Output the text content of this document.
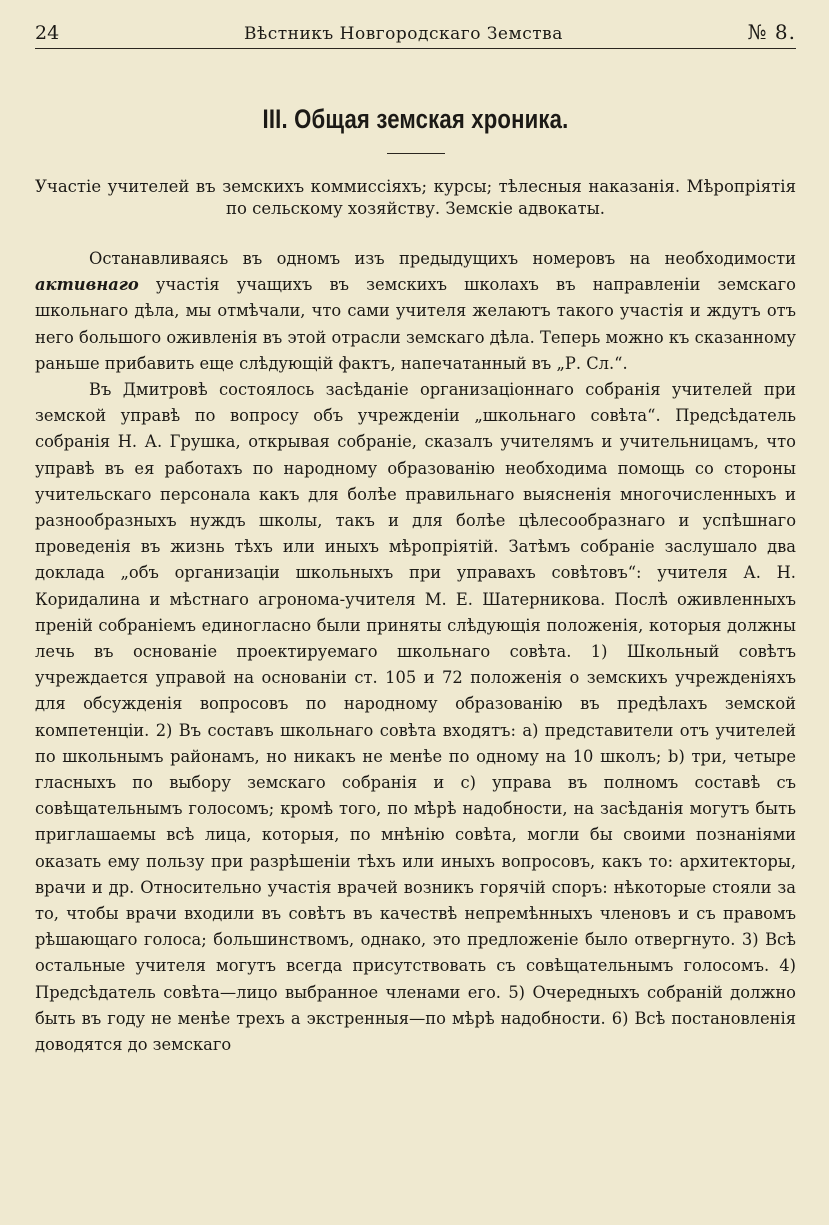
24	Вѣстникъ Новгородскаго Земства	№ 8.
III. Общая земская хроника.
Участіе учителей въ земскихъ коммиссіяхъ; курсы; тѣлесныя наказанія. Мѣропріятія по сельскому хозяйству. Земскіе адвокаты.

Останавливаясь въ одномъ изъ предыдущихъ номеровъ на необходимости активнаго участія учащихъ въ земскихъ школахъ въ направленіи земскаго школьнаго дѣла, мы отмѣчали, что сами учителя желаютъ такого участія и ждутъ отъ него большого оживленія въ этой отрасли земскаго дѣла. Теперь можно къ сказанному раньше прибавить еще слѣдующій фактъ, напечатанный въ „Р. Сл.“.

Въ Дмитровѣ состоялось засѣданіе организаціоннаго собранія учителей при земской управѣ по вопросу объ учрежденіи „школьнаго совѣта“. Предсѣдатель собранія Н. А. Грушка, открывая собраніе, сказалъ учителямъ и учительницамъ, что управѣ въ ея работахъ по народному образованію необходима помощь со стороны учительскаго персонала какъ для болѣе правильнаго выясненія многочисленныхъ и разнообразныхъ нуждъ школы, такъ и для болѣе цѣлесообразнаго и успѣшнаго проведенія въ жизнь тѣхъ или иныхъ мѣропріятій. Затѣмъ собраніе заслушало два доклада „объ организаціи школьныхъ при управахъ совѣтовъ“: учителя А. Н. Коридалина и мѣстнаго агронома-учителя М. Е. Шатерникова. Послѣ оживленныхъ преній собраніемъ единогласно были приняты слѣдующія положенія, которыя должны лечь въ основаніе проектируемаго школьнаго совѣта. 1) Школьный совѣтъ учреждается управой на основаніи ст. 105 и 72 положенія о земскихъ учрежденіяхъ для обсужденія вопросовъ по народному образованію въ предѣлахъ земской компетенціи. 2) Въ составъ школьнаго совѣта входятъ: а) представители отъ учителей по школьнымъ районамъ, но никакъ не менѣе по одному на 10 школъ; b) три, четыре гласныхъ по выбору земскаго собранія и с) управа въ полномъ составѣ съ совѣщательнымъ голосомъ; кромѣ того, по мѣрѣ надобности, на засѣданія могутъ быть приглашаемы всѣ лица, которыя, по мнѣнію совѣта, могли бы своими познаніями оказать ему пользу при разрѣшеніи тѣхъ или иныхъ вопросовъ, какъ то: архитекторы, врачи и др. Относительно участія врачей возникъ горячій споръ: нѣкоторые стояли за то, чтобы врачи входили въ совѣтъ въ качествѣ непремѣнныхъ членовъ и съ правомъ рѣшающаго голоса; большинствомъ, однако, это предложеніе было отвергнуто. 3) Всѣ остальные учителя могутъ всегда присутствовать съ совѣщательнымъ голосомъ. 4) Предсѣдатель совѣта—лицо выбранное членами его. 5) Очередныхъ собраній должно быть въ году не менѣе трехъ а экстренныя—по мѣрѣ надобности. 6) Всѣ постановленія доводятся до земскаго
